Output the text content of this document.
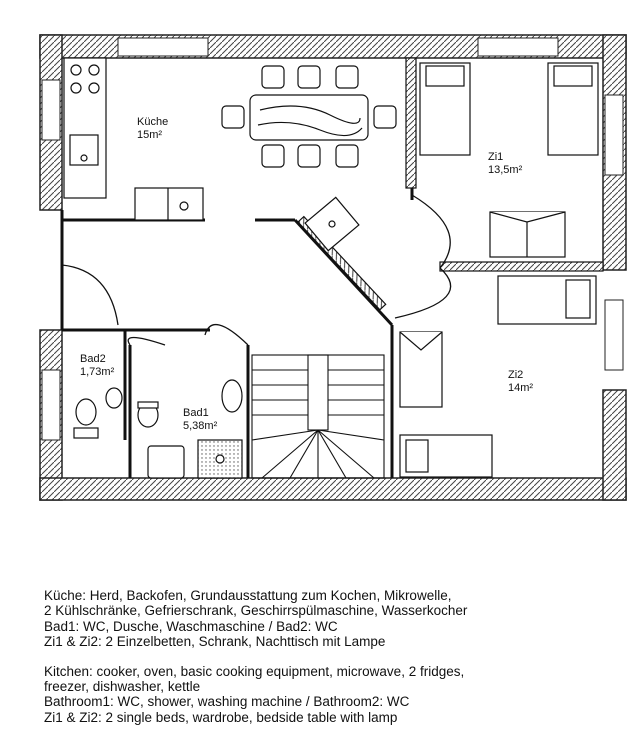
Küche
15m²
Zi1
13,5m²
Zi2
14m²
Bad1
5,38m²
Bad2
1,73m²
Küche: Herd, Backofen, Grundausstattung zum Kochen, Mikrowelle,
2 Kühlschränke, Gefrierschrank, Geschirrspülmaschine, Wasserkocher
Bad1: WC, Dusche, Waschmaschine / Bad2: WC
Zi1 & Zi2: 2 Einzelbetten, Schrank, Nachttisch mit Lampe
Kitchen: cooker, oven, basic cooking equipment, microwave, 2 fridges,
freezer, dishwasher, kettle
Bathroom1: WC, shower, washing machine / Bathroom2: WC
Zi1 & Zi2: 2 single beds, wardrobe, bedside table with lamp
